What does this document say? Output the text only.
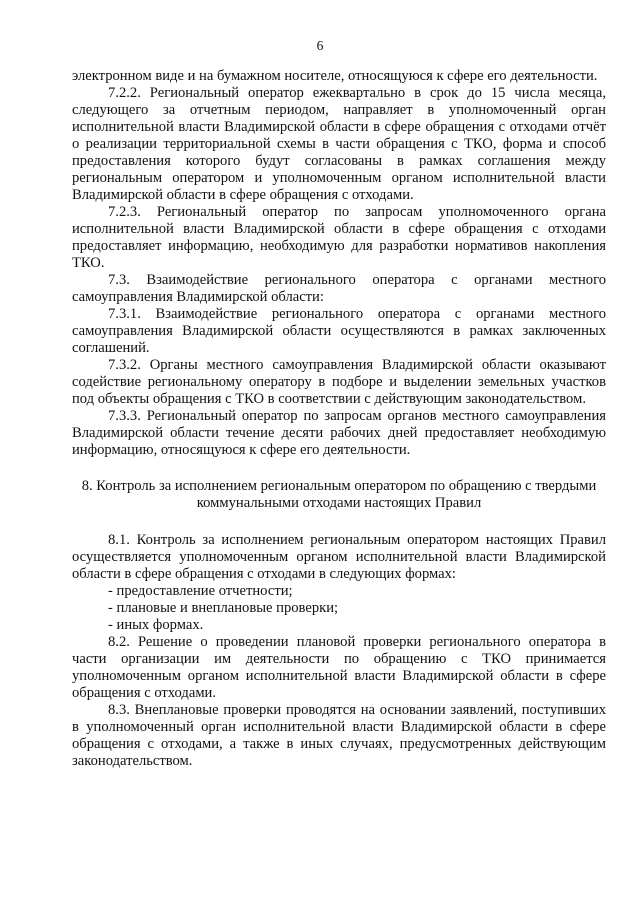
6

электронном виде и на бумажном носителе, относящуюся к сфере его деятельности.

7.2.2. Региональный оператор ежеквартально в срок до 15 числа месяца, следующего за отчетным периодом, направляет в уполномоченный орган исполнительной власти Владимирской области в сфере обращения с отходами отчёт о реализации территориальной схемы в части обращения с ТКО, форма и способ предоставления которого будут согласованы в рамках соглашения между региональным оператором и уполномоченным органом исполнительной власти Владимирской области в сфере обращения с отходами.

7.2.3. Региональный оператор по запросам уполномоченного органа исполнительной власти Владимирской области в сфере обращения с отходами предоставляет информацию, необходимую для разработки нормативов накопления ТКО.

7.3. Взаимодействие регионального оператора с органами местного самоуправления Владимирской области:

7.3.1. Взаимодействие регионального оператора с органами местного самоуправления Владимирской области осуществляются в рамках заключенных соглашений.

7.3.2. Органы местного самоуправления Владимирской области оказывают содействие региональному оператору в подборе и выделении земельных участков под объекты обращения с ТКО в соответствии с действующим законодательством.

7.3.3. Региональный оператор по запросам органов местного самоуправления Владимирской области течение десяти рабочих дней предоставляет необходимую информацию, относящуюся к сфере его деятельности.

8. Контроль за исполнением региональным оператором по обращению с твердыми коммунальными отходами настоящих Правил

8.1. Контроль за исполнением региональным оператором настоящих Правил осуществляется уполномоченным органом исполнительной власти Владимирской области в сфере обращения с отходами в следующих формах:

- предоставление отчетности;

- плановые и внеплановые проверки;

- иных формах.

8.2. Решение о проведении плановой проверки регионального оператора в части организации им деятельности по обращению с ТКО принимается уполномоченным органом исполнительной власти Владимирской области в сфере обращения с отходами.

8.3. Внеплановые проверки проводятся на основании заявлений, поступивших в уполномоченный орган исполнительной власти Владимирской области в сфере обращения с отходами, а также в иных случаях, предусмотренных действующим законодательством.
